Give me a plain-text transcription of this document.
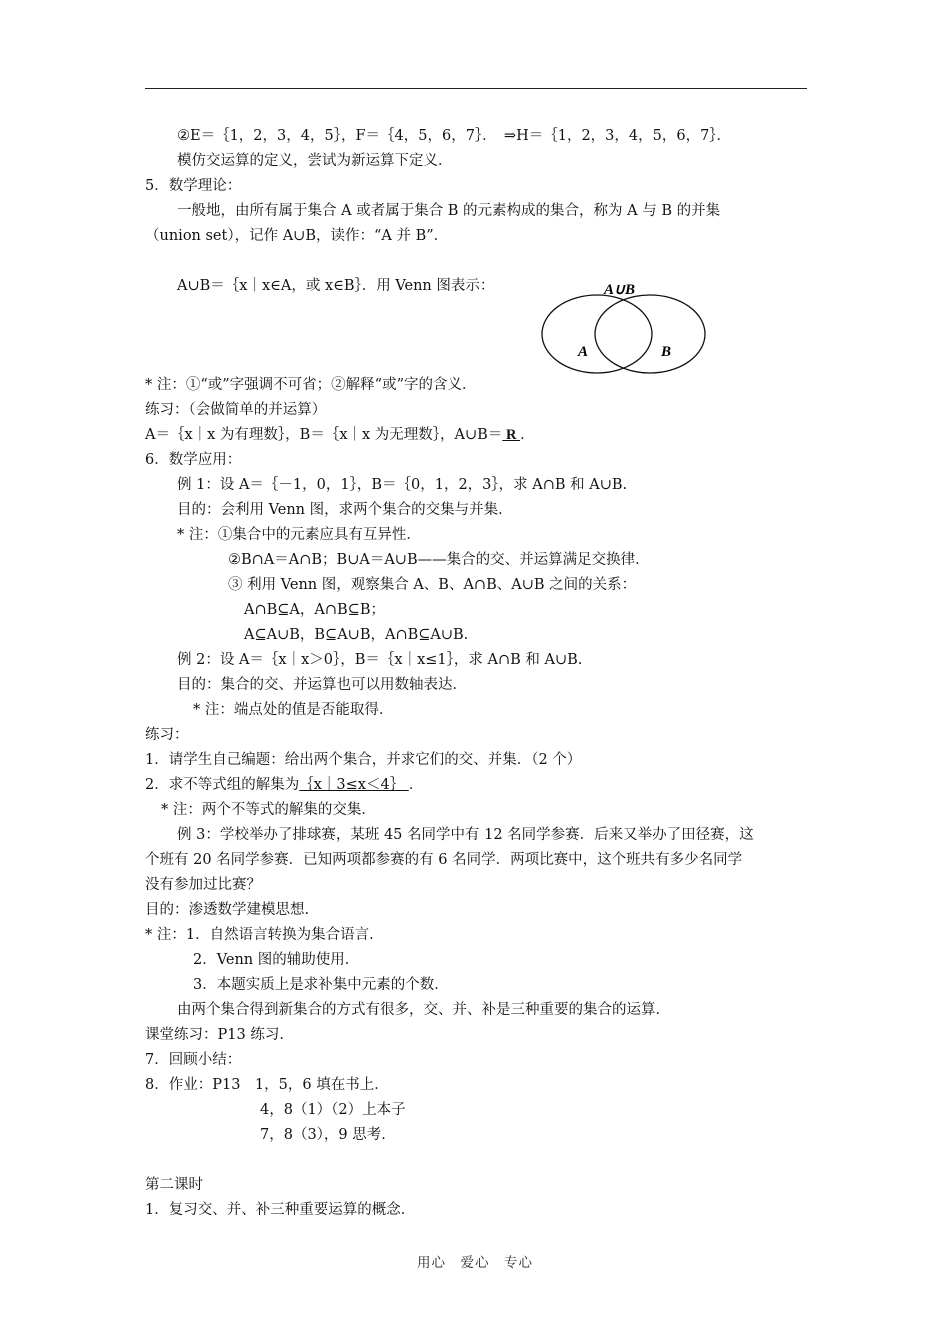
②E＝｛1，2，3，4，5｝，F＝｛4，5，6，7｝．　⇒H＝｛1，2，3，4，5，6，7｝．
模仿交运算的定义，尝试为新运算下定义．
5．数学理论：
一般地，由所有属于集合 A 或者属于集合 B 的元素构成的集合，称为 A 与 B 的并集
（union set），记作 A∪B，读作：“A 并 B”．
A∪B＝｛x｜x∈A，或 x∈B｝．用 Venn 图表示：	A∪B
A	B
* 注：①“或”字强调不可省；②解释“或”字的含义．
练习：（会做简单的并运算）
A＝｛x｜x 为有理数｝，B＝｛x｜x 为无理数｝，A∪B＝ R ．
6．数学应用：
例 1：设 A＝｛－1，0，1｝，B＝｛0，1，2，3｝，求 A∩B 和 A∪B.
目的：会利用 Venn 图，求两个集合的交集与并集．
* 注：①集合中的元素应具有互异性．
②B∩A＝A∩B；B∪A＝A∪B——集合的交、并运算满足交换律．
③ 利用 Venn 图，观察集合 A、B、A∩B、A∪B 之间的关系：
A∩B⊆A，A∩B⊆B；
A⊆A∪B，B⊆A∪B，A∩B⊆A∪B.
例 2：设 A＝｛x｜x＞0｝，B＝｛x｜x≤1｝，求 A∩B 和 A∪B.
目的：集合的交、并运算也可以用数轴表达．
* 注：端点处的值是否能取得．
练习：
1．请学生自己编题：给出两个集合，并求它们的交、并集．（2 个）
2．求不等式组的解集为｛x｜3≤x＜4｝ ．
* 注：两个不等式的解集的交集．
例 3：学校举办了排球赛，某班 45 名同学中有 12 名同学参赛．后来又举办了田径赛，这
个班有 20 名同学参赛．已知两项都参赛的有 6 名同学．两项比赛中，这个班共有多少名同学
没有参加过比赛？
目的：渗透数学建模思想.
* 注：1．自然语言转换为集合语言．
2．Venn 图的辅助使用．
3．本题实质上是求补集中元素的个数．
由两个集合得到新集合的方式有很多，交、并、补是三种重要的集合的运算．
课堂练习：P13 练习．
7．回顾小结：
8．作业：P13　1，5，6 填在书上．
4，8（1）（2）上本子
7，8（3），9 思考．
第二课时
1．复习交、并、补三种重要运算的概念．
用心　爱心　专心
